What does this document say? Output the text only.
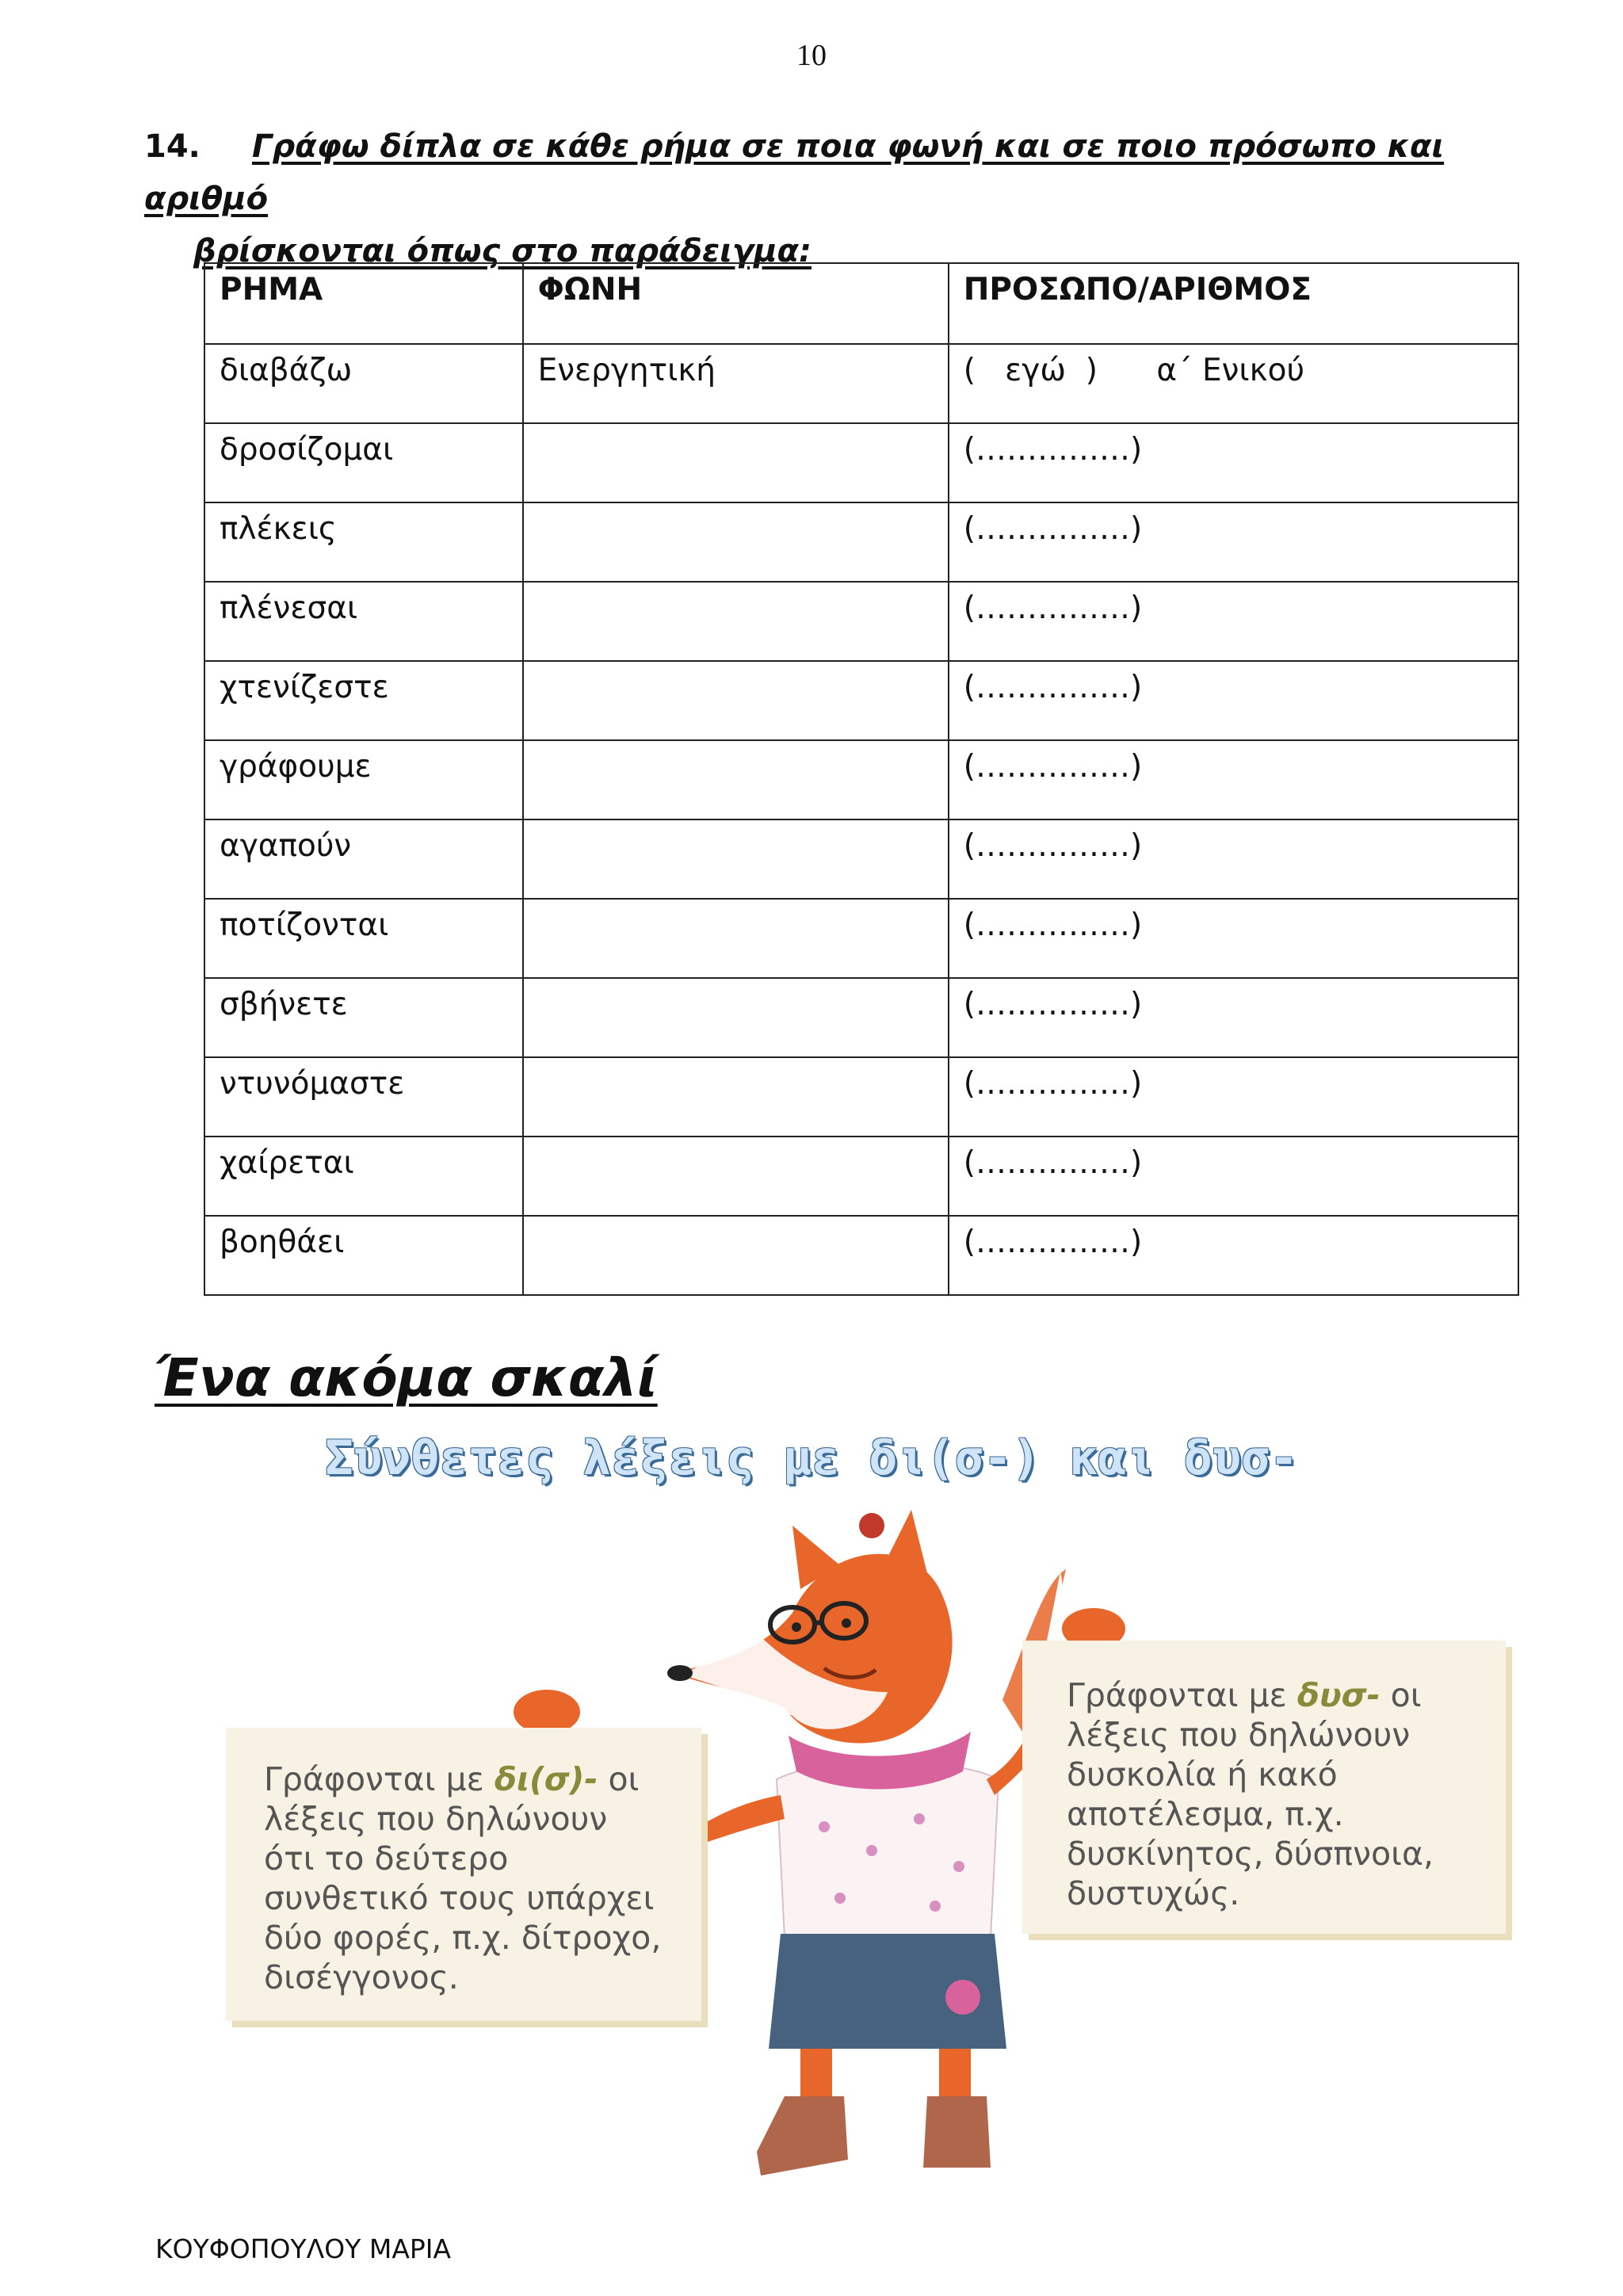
10
14. Γράφω δίπλα σε κάθε ρήμα σε ποια φωνή και σε ποιο πρόσωπο και αριθμό
βρίσκονται όπως στο παράδειγμα:
ΡΗΜΑ	ΦΩΝΗ	ΠΡΟΣΩΠΟ/ΑΡΙΘΜΟΣ
διαβάζω	Ενεργητική	(   εγώ  )      α΄ Ενικού
δροσίζομαι		(……………)
πλέκεις		(……………)
πλένεσαι		(……………)
χτενίζεστε		(……………)
γράφουμε		(……………)
αγαπούν		(……………)
ποτίζονται		(……………)
σβήνετε		(……………)
ντυνόμαστε		(……………)
χαίρεται		(……………)
βοηθάει		(……………)
Ένα ακόμα σκαλί
Σύνθετες λέξεις με δι(σ-) και δυσ-
Γράφονται με δι(σ)- οι λέξεις που δηλώνουν ότι το δεύτερο συνθετικό τους υπάρχει δύο φορές, π.χ. δίτροχο, δισέγγονος.
Γράφονται με δυσ- οι λέξεις που δηλώνουν δυσκολία ή κακό αποτέλεσμα, π.χ. δυσκίνητος, δύσπνοια, δυστυχώς.
ΚΟΥΦΟΠΟΥΛΟΥ ΜΑΡΙΑ
